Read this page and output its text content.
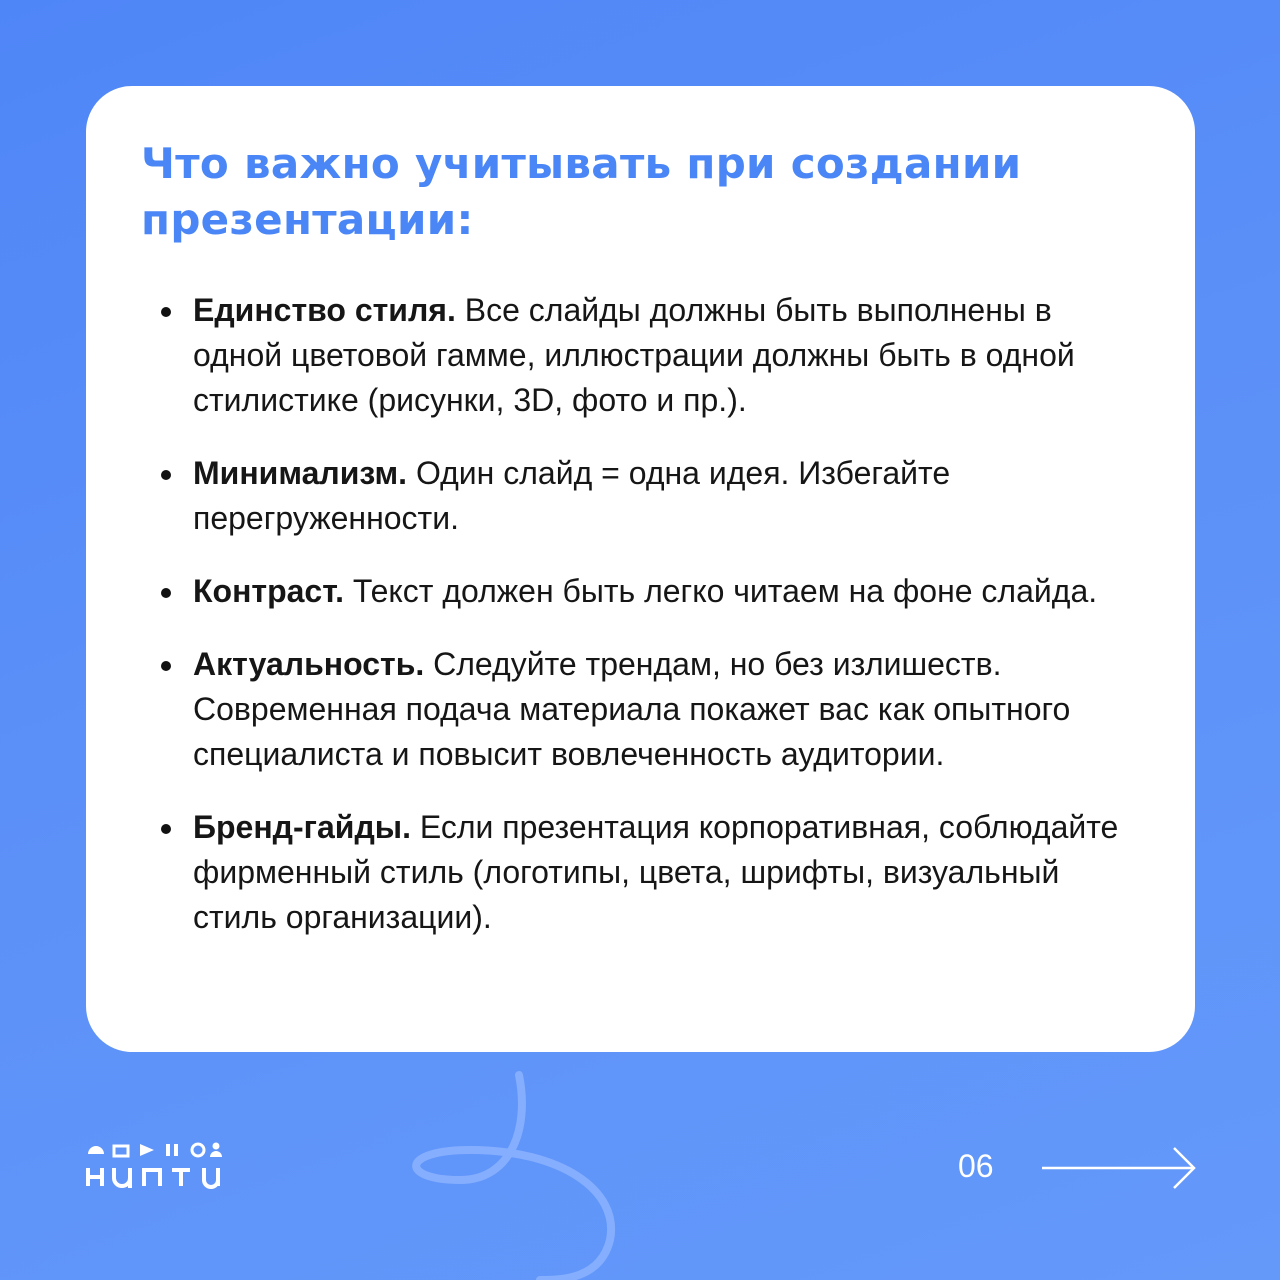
Что важно учитывать при создании презентации:

Единство стиля. Все слайды должны быть выполнены в одной цветовой гамме, иллюстрации должны быть в одной стилистике (рисунки, 3D, фото и пр.).

Минимализм. Один слайд = одна идея. Избегайте перегруженности.

Контраст. Текст должен быть легко читаем на фоне слайда.

Актуальность. Следуйте трендам, но без излишеств. Современная подача материала покажет вас как опытного специалиста и повысит вовлеченность аудитории.

Бренд-гайды. Если презентация корпоративная, соблюдайте фирменный стиль (логотипы, цвета, шрифты, визуальный стиль организации).

06
